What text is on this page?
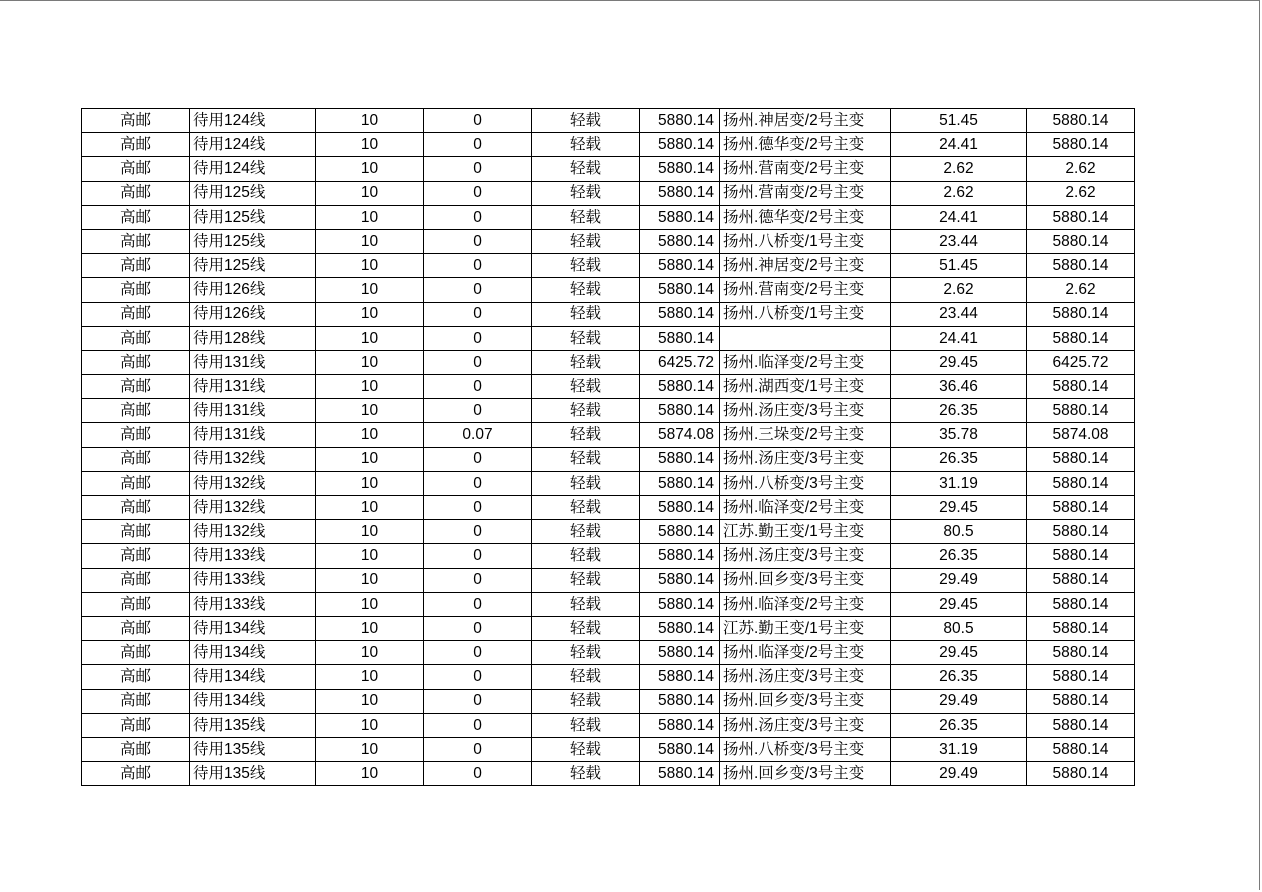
高邮	待用124线	10	0	轻载	5880.14	扬州.神居变/2号主变	51.45	5880.14
高邮	待用124线	10	0	轻载	5880.14	扬州.德华变/2号主变	24.41	5880.14
高邮	待用124线	10	0	轻载	5880.14	扬州.营南变/2号主变	2.62	2.62
高邮	待用125线	10	0	轻载	5880.14	扬州.营南变/2号主变	2.62	2.62
高邮	待用125线	10	0	轻载	5880.14	扬州.德华变/2号主变	24.41	5880.14
高邮	待用125线	10	0	轻载	5880.14	扬州.八桥变/1号主变	23.44	5880.14
高邮	待用125线	10	0	轻载	5880.14	扬州.神居变/2号主变	51.45	5880.14
高邮	待用126线	10	0	轻载	5880.14	扬州.营南变/2号主变	2.62	2.62
高邮	待用126线	10	0	轻载	5880.14	扬州.八桥变/1号主变	23.44	5880.14
高邮	待用128线	10	0	轻载	5880.14		24.41	5880.14
高邮	待用131线	10	0	轻载	6425.72	扬州.临泽变/2号主变	29.45	6425.72
高邮	待用131线	10	0	轻载	5880.14	扬州.湖西变/1号主变	36.46	5880.14
高邮	待用131线	10	0	轻载	5880.14	扬州.汤庄变/3号主变	26.35	5880.14
高邮	待用131线	10	0.07	轻载	5874.08	扬州.三垛变/2号主变	35.78	5874.08
高邮	待用132线	10	0	轻载	5880.14	扬州.汤庄变/3号主变	26.35	5880.14
高邮	待用132线	10	0	轻载	5880.14	扬州.八桥变/3号主变	31.19	5880.14
高邮	待用132线	10	0	轻载	5880.14	扬州.临泽变/2号主变	29.45	5880.14
高邮	待用132线	10	0	轻载	5880.14	江苏.勤王变/1号主变	80.5	5880.14
高邮	待用133线	10	0	轻载	5880.14	扬州.汤庄变/3号主变	26.35	5880.14
高邮	待用133线	10	0	轻载	5880.14	扬州.回乡变/3号主变	29.49	5880.14
高邮	待用133线	10	0	轻载	5880.14	扬州.临泽变/2号主变	29.45	5880.14
高邮	待用134线	10	0	轻载	5880.14	江苏.勤王变/1号主变	80.5	5880.14
高邮	待用134线	10	0	轻载	5880.14	扬州.临泽变/2号主变	29.45	5880.14
高邮	待用134线	10	0	轻载	5880.14	扬州.汤庄变/3号主变	26.35	5880.14
高邮	待用134线	10	0	轻载	5880.14	扬州.回乡变/3号主变	29.49	5880.14
高邮	待用135线	10	0	轻载	5880.14	扬州.汤庄变/3号主变	26.35	5880.14
高邮	待用135线	10	0	轻载	5880.14	扬州.八桥变/3号主变	31.19	5880.14
高邮	待用135线	10	0	轻载	5880.14	扬州.回乡变/3号主变	29.49	5880.14
